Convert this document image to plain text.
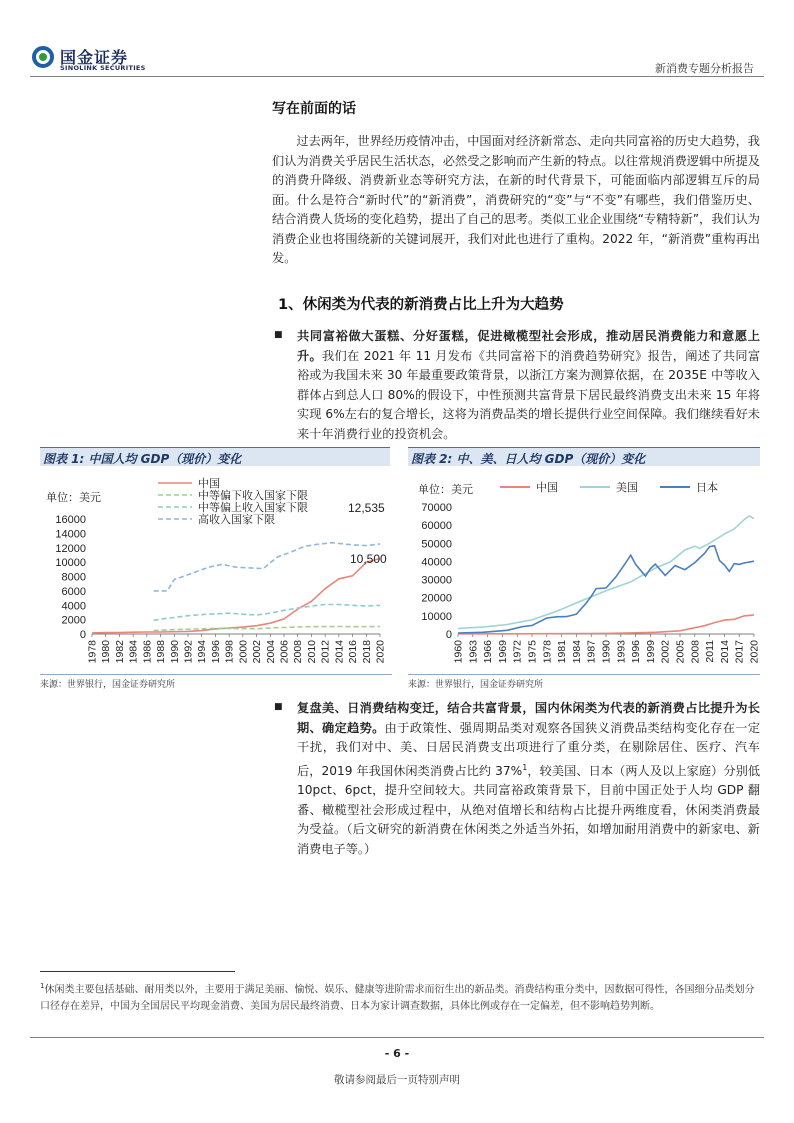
国金证券
SINOLINK SECURITIES	新消费专题分析报告
写在前面的话
过去两年，世界经历疫情冲击，中国面对经济新常态、走向共同富裕的历史大趋势，我们认为消费关乎居民生活状态，必然受之影响而产生新的特点。以往常规消费逻辑中所提及的消费升降级、消费新业态等研究方法，在新的时代背景下，可能面临内部逻辑互斥的局面。什么是符合“新时代”的“新消费”，消费研究的“变”与“不变”有哪些，我们借鉴历史、结合消费人货场的变化趋势，提出了自己的思考。类似工业企业围绕“专精特新”，我们认为消费企业也将围绕新的关键词展开，我们对此也进行了重构。2022 年，“新消费”重构再出发。
1、休闲类为代表的新消费占比上升为大趋势
■ 共同富裕做大蛋糕、分好蛋糕，促进橄榄型社会形成，推动居民消费能力和意愿上升。我们在 2021 年 11 月发布《共同富裕下的消费趋势研究》报告，阐述了共同富裕或为我国未来 30 年最重要政策背景，以浙江方案为测算依据，在 2035E 中等收入群体占到总人口 80%的假设下，中性预测共富背景下居民最终消费支出未来 15 年将实现 6%左右的复合增长，这将为消费品类的增长提供行业空间保障。我们继续看好未来十年消费行业的投资机会。
图表 1: 中国人均 GDP（现价）变化
单位：美元
0
2000
4000
6000
8000
10000
12000
14000
16000
1978 1980 1982 1984 1986 1988 1990 1992 1994 1996 1998 2000 2002 2004 2006 2008 2010 2012 2014 2016 2018 2020
中国
中等偏下收入国家下限
中等偏上收入国家下限
高收入国家下限
12,535
10,500
来源：世界银行，国金证券研究所
图表 2: 中、美、日人均 GDP（现价）变化
单位：美元
0
10000
20000
30000
40000
50000
60000
70000
1960 1963 1966 1969 1972 1975 1978 1981 1984 1987 1990 1993 1996 1999 2002 2005 2008 2011 2014 2017 2020
中国	美国	日本
来源：世界银行，国金证券研究所
■ 复盘美、日消费结构变迁，结合共富背景，国内休闲类为代表的新消费占比提升为长期、确定趋势。由于政策性、强周期品类对观察各国狭义消费品类结构变化存在一定干扰，我们对中、美、日居民消费支出项进行了重分类，在剔除居住、医疗、汽车后，2019 年我国休闲类消费占比约 37%$^1$，较美国、日本（两人及以上家庭）分别低 10pct、6pct，提升空间较大。共同富裕政策背景下，目前中国正处于人均 GDP 翻番、橄榄型社会形成过程中，从绝对值增长和结构占比提升两维度看，休闲类消费最为受益。（后文研究的新消费在休闲类之外适当外拓，如增加耐用消费中的新家电、新消费电子等。）
$^1$休闲类主要包括基础、耐用类以外，主要用于满足美丽、愉悦、娱乐、健康等进阶需求而衍生出的新品类。消费结构重分类中，因数据可得性，各国细分品类划分口径存在差异，中国为全国居民平均现金消费、美国为居民最终消费、日本为家计调查数据，具体比例或存在一定偏差，但不影响趋势判断。
- 6 -
敬请参阅最后一页特别声明
